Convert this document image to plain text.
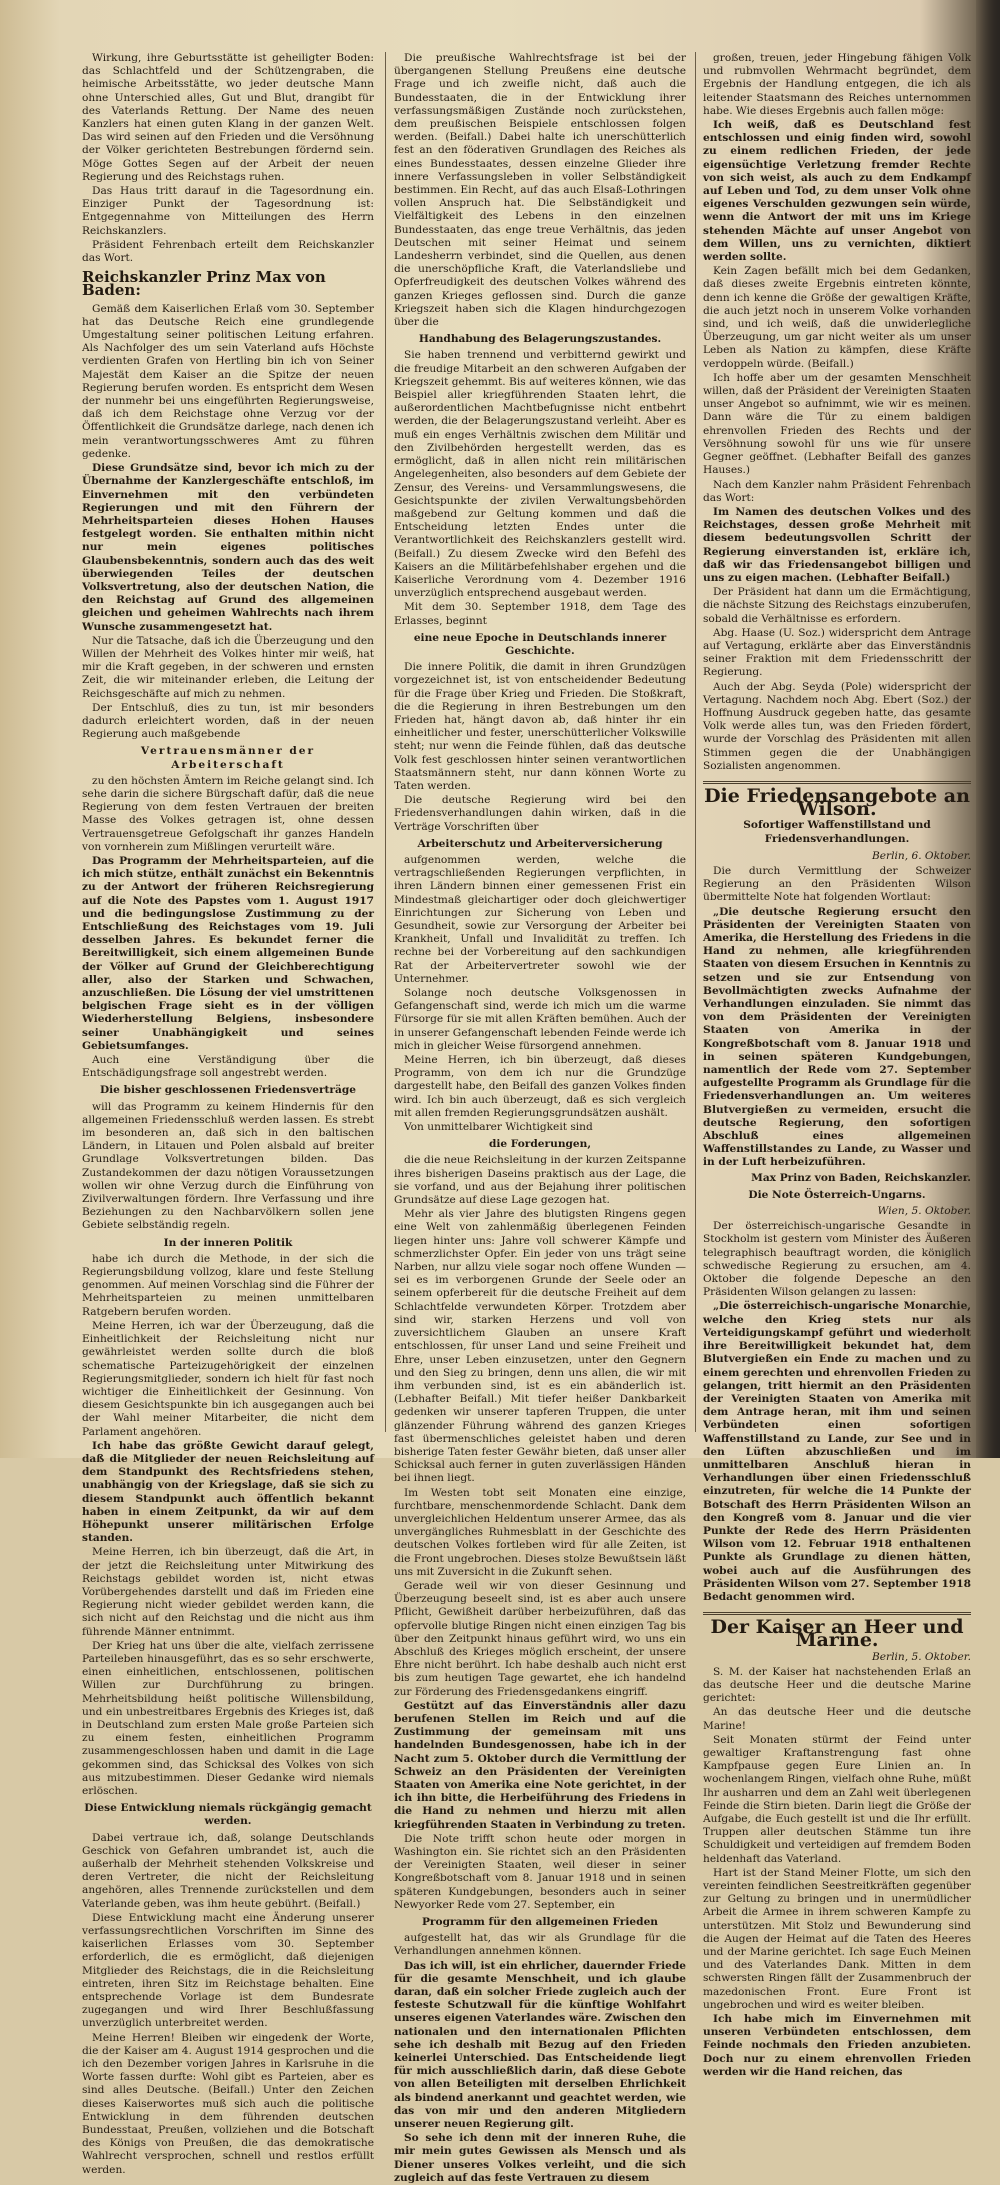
Wirkung, ihre Geburtsstätte ist geheiligter Boden: das Schlachtfeld und der Schützengraben, die heimische Arbeitsstätte, wo jeder deutsche Mann ohne Unterschied alles, Gut und Blut, drangibt für des Vaterlands Rettung. Der Name des neuen Kanzlers hat einen guten Klang in der ganzen Welt. Das wird seinen auf den Frieden und die Versöhnung der Völker gerichteten Bestrebungen fördernd sein. Möge Gottes Segen auf der Arbeit der neuen Regierung und des Reichstags ruhen.

Das Haus tritt darauf in die Tagesordnung ein. Einziger Punkt der Tagesordnung ist: Entgegennahme von Mitteilungen des Herrn Reichskanzlers.

Präsident Fehrenbach erteilt dem Reichskanzler das Wort.

Reichskanzler Prinz Max von Baden:

Gemäß dem Kaiserlichen Erlaß vom 30. September hat das Deutsche Reich eine grundlegende Umgestaltung seiner politischen Leitung erfahren. Als Nachfolger des um sein Vaterland aufs Höchste verdienten Grafen von Hertling bin ich von Seiner Majestät dem Kaiser an die Spitze der neuen Regierung berufen worden. Es entspricht dem Wesen der nunmehr bei uns eingeführten Regierungsweise, daß ich dem Reichstage ohne Verzug vor der Öffentlichkeit die Grundsätze darlege, nach denen ich mein verantwortungsschweres Amt zu führen gedenke.

Diese Grundsätze sind, bevor ich mich zu der Übernahme der Kanzlergeschäfte entschloß, im Einvernehmen mit den verbündeten Regierungen und mit den Führern der Mehrheitsparteien dieses Hohen Hauses festgelegt worden. Sie enthalten mithin nicht nur mein eigenes politisches Glaubensbekenntnis, sondern auch das des weit überwiegenden Teiles der deutschen Volksvertretung, also der deutschen Nation, die den Reichstag auf Grund des allgemeinen gleichen und geheimen Wahlrechts nach ihrem Wunsche zusammengesetzt hat.

Nur die Tatsache, daß ich die Überzeugung und den Willen der Mehrheit des Volkes hinter mir weiß, hat mir die Kraft gegeben, in der schweren und ernsten Zeit, die wir miteinander erleben, die Leitung der Reichsgeschäfte auf mich zu nehmen.

Der Entschluß, dies zu tun, ist mir besonders dadurch erleichtert worden, daß in der neuen Regierung auch maßgebende

Vertrauensmänner der Arbeiterschaft

zu den höchsten Ämtern im Reiche gelangt sind. Ich sehe darin die sichere Bürgschaft dafür, daß die neue Regierung von dem festen Vertrauen der breiten Masse des Volkes getragen ist, ohne dessen Vertrauensgetreue Gefolgschaft ihr ganzes Handeln von vornherein zum Mißlingen verurteilt wäre.

Das Programm der Mehrheitsparteien, auf die ich mich stütze, enthält zunächst ein Bekenntnis zu der Antwort der früheren Reichsregierung auf die Note des Papstes vom 1. August 1917 und die bedingungslose Zustimmung zu der Entschließung des Reichstages vom 19. Juli desselben Jahres. Es bekundet ferner die Bereitwilligkeit, sich einem allgemeinen Bunde der Völker auf Grund der Gleichberechtigung aller, also der Starken und Schwachen, anzuschließen. Die Lösung der viel umstrittenen belgischen Frage sieht es in der völligen Wiederherstellung Belgiens, insbesondere seiner Unabhängigkeit und seines Gebietsumfanges.

Auch eine Verständigung über die Entschädigungsfrage soll angestrebt werden.

Die bisher geschlossenen Friedensverträge

will das Programm zu keinem Hindernis für den allgemeinen Friedensschluß werden lassen. Es strebt im besonderen an, daß sich in den baltischen Ländern, in Litauen und Polen alsbald auf breiter Grundlage Volksvertretungen bilden. Das Zustandekommen der dazu nötigen Voraussetzungen wollen wir ohne Verzug durch die Einführung von Zivilverwaltungen fördern. Ihre Verfassung und ihre Beziehungen zu den Nachbarvölkern sollen jene Gebiete selbständig regeln.

In der inneren Politik

habe ich durch die Methode, in der sich die Regierungsbildung vollzog, klare und feste Stellung genommen. Auf meinen Vorschlag sind die Führer der Mehrheitsparteien zu meinen unmittelbaren Ratgebern berufen worden.

Meine Herren, ich war der Überzeugung, daß die Einheitlichkeit der Reichsleitung nicht nur gewährleistet werden sollte durch die bloß schematische Parteizugehörigkeit der einzelnen Regierungsmitglieder, sondern ich hielt für fast noch wichtiger die Einheitlichkeit der Gesinnung. Von diesem Gesichtspunkte bin ich ausgegangen auch bei der Wahl meiner Mitarbeiter, die nicht dem Parlament angehören.

Ich habe das größte Gewicht darauf gelegt, daß die Mitglieder der neuen Reichsleitung auf dem Standpunkt des Rechtsfriedens stehen, unabhängig von der Kriegslage, daß sie sich zu diesem Standpunkt auch öffentlich bekannt haben in einem Zeitpunkt, da wir auf dem Höhepunkt unserer militärischen Erfolge standen.

Meine Herren, ich bin überzeugt, daß die Art, in der jetzt die Reichsleitung unter Mitwirkung des Reichstags gebildet worden ist, nicht etwas Vorübergehendes darstellt und daß im Frieden eine Regierung nicht wieder gebildet werden kann, die sich nicht auf den Reichstag und die nicht aus ihm führende Männer entnimmt.

Der Krieg hat uns über die alte, vielfach zerrissene Parteileben hinausgeführt, das es so sehr erschwerte, einen einheitlichen, entschlossenen, politischen Willen zur Durchführung zu bringen. Mehrheitsbildung heißt politische Willensbildung, und ein unbestreitbares Ergebnis des Krieges ist, daß in Deutschland zum ersten Male große Parteien sich zu einem festen, einheitlichen Programm zusammengeschlossen haben und damit in die Lage gekommen sind, das Schicksal des Volkes von sich aus mitzubestimmen. Dieser Gedanke wird niemals erlöschen.

Diese Entwicklung niemals rückgängig gemacht werden.

Dabei vertraue ich, daß, solange Deutschlands Geschick von Gefahren umbrandet ist, auch die außerhalb der Mehrheit stehenden Volkskreise und deren Vertreter, die nicht der Reichsleitung angehören, alles Trennende zurückstellen und dem Vaterlande geben, was ihm heute gebührt. (Beifall.)

Diese Entwicklung macht eine Änderung unserer verfassungsrechtlichen Vorschriften im Sinne des kaiserlichen Erlasses vom 30. September erforderlich, die es ermöglicht, daß diejenigen Mitglieder des Reichstags, die in die Reichsleitung eintreten, ihren Sitz im Reichstage behalten. Eine entsprechende Vorlage ist dem Bundesrate zugegangen und wird Ihrer Beschlußfassung unverzüglich unterbreitet werden.

Meine Herren! Bleiben wir eingedenk der Worte, die der Kaiser am 4. August 1914 gesprochen und die ich den Dezember vorigen Jahres in Karlsruhe in die Worte fassen durfte: Wohl gibt es Parteien, aber es sind alles Deutsche. (Beifall.) Unter den Zeichen dieses Kaiserwortes muß sich auch die politische Entwicklung in dem führenden deutschen Bundesstaat, Preußen, vollziehen und die Botschaft des Königs von Preußen, die das demokratische Wahlrecht versprochen, schnell und restlos erfüllt werden.

Die preußische Wahlrechtsfrage ist bei der übergangenen Stellung Preußens eine deutsche Frage und ich zweifle nicht, daß auch die Bundesstaaten, die in der Entwicklung ihrer verfassungsmäßigen Zustände noch zurückstehen, dem preußischen Beispiele entschlossen folgen werden. (Beifall.) Dabei halte ich unerschütterlich fest an den föderativen Grundlagen des Reiches als eines Bundesstaates, dessen einzelne Glieder ihre innere Verfassungsleben in voller Selbständigkeit bestimmen. Ein Recht, auf das auch Elsaß-Lothringen vollen Anspruch hat. Die Selbständigkeit und Vielfältigkeit des Lebens in den einzelnen Bundesstaaten, das enge treue Verhältnis, das jeden Deutschen mit seiner Heimat und seinem Landesherrn verbindet, sind die Quellen, aus denen die unerschöpfliche Kraft, die Vaterlandsliebe und Opferfreudigkeit des deutschen Volkes während des ganzen Krieges geflossen sind. Durch die ganze Kriegszeit haben sich die Klagen hindurchgezogen über die

Handhabung des Belagerungszustandes.

Sie haben trennend und verbitternd gewirkt und die freudige Mitarbeit an den schweren Aufgaben der Kriegszeit gehemmt. Bis auf weiteres können, wie das Beispiel aller kriegführenden Staaten lehrt, die außerordentlichen Machtbefugnisse nicht entbehrt werden, die der Belagerungszustand verleiht. Aber es muß ein enges Verhältnis zwischen dem Militär und den Zivilbehörden hergestellt werden, das es ermöglicht, daß in allen nicht rein militärischen Angelegenheiten, also besonders auf dem Gebiete der Zensur, des Vereins- und Versammlungswesens, die Gesichtspunkte der zivilen Verwaltungsbehörden maßgebend zur Geltung kommen und daß die Entscheidung letzten Endes unter die Verantwortlichkeit des Reichskanzlers gestellt wird. (Beifall.) Zu diesem Zwecke wird den Befehl des Kaisers an die Militärbefehlshaber ergehen und die Kaiserliche Verordnung vom 4. Dezember 1916 unverzüglich entsprechend ausgebaut werden.

Mit dem 30. September 1918, dem Tage des Erlasses, beginnt

eine neue Epoche in Deutschlands innerer Geschichte.

Die innere Politik, die damit in ihren Grundzügen vorgezeichnet ist, ist von entscheidender Bedeutung für die Frage über Krieg und Frieden. Die Stoßkraft, die die Regierung in ihren Bestrebungen um den Frieden hat, hängt davon ab, daß hinter ihr ein einheitlicher und fester, unerschütterlicher Volkswille steht; nur wenn die Feinde fühlen, daß das deutsche Volk fest geschlossen hinter seinen verantwortlichen Staatsmännern steht, nur dann können Worte zu Taten werden.

Die deutsche Regierung wird bei den Friedensverhandlungen dahin wirken, daß in die Verträge Vorschriften über

Arbeiterschutz und Arbeiterversicherung

aufgenommen werden, welche die vertragschließenden Regierungen verpflichten, in ihren Ländern binnen einer gemessenen Frist ein Mindestmaß gleichartiger oder doch gleichwertiger Einrichtungen zur Sicherung von Leben und Gesundheit, sowie zur Versorgung der Arbeiter bei Krankheit, Unfall und Invalidität zu treffen. Ich rechne bei der Vorbereitung auf den sachkundigen Rat der Arbeitervertreter sowohl wie der Unternehmer.

Solange noch deutsche Volksgenossen in Gefangenschaft sind, werde ich mich um die warme Fürsorge für sie mit allen Kräften bemühen. Auch der in unserer Gefangenschaft lebenden Feinde werde ich mich in gleicher Weise fürsorgend annehmen.

Meine Herren, ich bin überzeugt, daß dieses Programm, von dem ich nur die Grundzüge dargestellt habe, den Beifall des ganzen Volkes finden wird. Ich bin auch überzeugt, daß es sich vergleich mit allen fremden Regierungsgrundsätzen aushält.

Von unmittelbarer Wichtigkeit sind

die Forderungen,

die die neue Reichsleitung in der kurzen Zeitspanne ihres bisherigen Daseins praktisch aus der Lage, die sie vorfand, und aus der Bejahung ihrer politischen Grundsätze auf diese Lage gezogen hat.

Mehr als vier Jahre des blutigsten Ringens gegen eine Welt von zahlenmäßig überlegenen Feinden liegen hinter uns: Jahre voll schwerer Kämpfe und schmerzlichster Opfer. Ein jeder von uns trägt seine Narben, nur allzu viele sogar noch offene Wunden — sei es im verborgenen Grunde der Seele oder an seinem opferbereit für die deutsche Freiheit auf dem Schlachtfelde verwundeten Körper. Trotzdem aber sind wir, starken Herzens und voll von zuversichtlichem Glauben an unsere Kraft entschlossen, für unser Land und seine Freiheit und Ehre, unser Leben einzusetzen, unter den Gegnern und den Sieg zu bringen, denn uns allen, die wir mit ihm verbunden sind, ist es ein abänderlich ist. (Lebhafter Beifall.) Mit tiefer heißer Dankbarkeit gedenken wir unserer tapferen Truppen, die unter glänzender Führung während des ganzen Krieges fast übermenschliches geleistet haben und deren bisherige Taten fester Gewähr bieten, daß unser aller Schicksal auch ferner in guten zuverlässigen Händen bei ihnen liegt.

Im Westen tobt seit Monaten eine einzige, furchtbare, menschenmordende Schlacht. Dank dem unvergleichlichen Heldentum unserer Armee, das als unvergängliches Ruhmesblatt in der Geschichte des deutschen Volkes fortleben wird für alle Zeiten, ist die Front ungebrochen. Dieses stolze Bewußtsein läßt uns mit Zuversicht in die Zukunft sehen.

Gerade weil wir von dieser Gesinnung und Überzeugung beseelt sind, ist es aber auch unsere Pflicht, Gewißheit darüber herbeizuführen, daß das opfervolle blutige Ringen nicht einen einzigen Tag bis über den Zeitpunkt hinaus geführt wird, wo uns ein Abschluß des Krieges möglich erscheint, der unsere Ehre nicht berührt. Ich habe deshalb auch nicht erst bis zum heutigen Tage gewartet, ehe ich handelnd zur Förderung des Friedensgedankens eingriff.

Gestützt auf das Einverständnis aller dazu berufenen Stellen im Reich und auf die Zustimmung der gemeinsam mit uns handelnden Bundesgenossen, habe ich in der Nacht zum 5. Oktober durch die Vermittlung der Schweiz an den Präsidenten der Vereinigten Staaten von Amerika eine Note gerichtet, in der ich ihn bitte, die Herbeiführung des Friedens in die Hand zu nehmen und hierzu mit allen kriegführenden Staaten in Verbindung zu treten.

Die Note trifft schon heute oder morgen in Washington ein. Sie richtet sich an den Präsidenten der Vereinigten Staaten, weil dieser in seiner Kongreßbotschaft vom 8. Januar 1918 und in seinen späteren Kundgebungen, besonders auch in seiner Newyorker Rede vom 27. September, ein

Programm für den allgemeinen Frieden

aufgestellt hat, das wir als Grundlage für die Verhandlungen annehmen können.

Das ich will, ist ein ehrlicher, dauernder Friede für die gesamte Menschheit, und ich glaube daran, daß ein solcher Friede zugleich auch der festeste Schutzwall für die künftige Wohlfahrt unseres eigenen Vaterlandes wäre. Zwischen den nationalen und den internationalen Pflichten sehe ich deshalb mit Bezug auf den Frieden keinerlei Unterschied. Das Entscheidende liegt für mich ausschließlich darin, daß diese Gebote von allen Beteiligten mit derselben Ehrlichkeit als bindend anerkannt und geachtet werden, wie das von mir und den anderen Mitgliedern unserer neuen Regierung gilt.

So sehe ich denn mit der inneren Ruhe, die mir mein gutes Gewissen als Mensch und als Diener unseres Volkes verleiht, und die sich zugleich auf das feste Vertrauen zu diesem

großen, treuen, jeder Hingebung fähigen Volk und rubmvollen Wehrmacht begründet, dem Ergebnis der Handlung entgegen, die ich als leitender Staatsmann des Reiches unternommen habe. Wie dieses Ergebnis auch fallen möge:

Ich weiß, daß es Deutschland fest entschlossen und einig finden wird, sowohl zu einem redlichen Frieden, der jede eigensüchtige Verletzung fremder Rechte von sich weist, als auch zu dem Endkampf auf Leben und Tod, zu dem unser Volk ohne eigenes Verschulden gezwungen sein würde, wenn die Antwort der mit uns im Kriege stehenden Mächte auf unser Angebot von dem Willen, uns zu vernichten, diktiert werden sollte.

Kein Zagen befällt mich bei dem Gedanken, daß dieses zweite Ergebnis eintreten könnte, denn ich kenne die Größe der gewaltigen Kräfte, die auch jetzt noch in unserem Volke vorhanden sind, und ich weiß, daß die unwiderlegliche Überzeugung, um gar nicht weiter als um unser Leben als Nation zu kämpfen, diese Kräfte verdoppeln würde. (Beifall.)

Ich hoffe aber um der gesamten Menschheit willen, daß der Präsident der Vereinigten Staaten unser Angebot so aufnimmt, wie wir es meinen. Dann wäre die Tür zu einem baldigen ehrenvollen Frieden des Rechts und der Versöhnung sowohl für uns wie für unsere Gegner geöffnet. (Lebhafter Beifall des ganzes Hauses.)

Nach dem Kanzler nahm Präsident Fehrenbach das Wort:

Im Namen des deutschen Volkes und des Reichstages, dessen große Mehrheit mit diesem bedeutungsvollen Schritt der Regierung einverstanden ist, erkläre ich, daß wir das Friedensangebot billigen und uns zu eigen machen. (Lebhafter Beifall.)

Der Präsident hat dann um die Ermächtigung, die nächste Sitzung des Reichstags einzuberufen, sobald die Verhältnisse es erfordern.

Abg. Haase (U. Soz.) widerspricht dem Antrage auf Vertagung, erklärte aber das Einverständnis seiner Fraktion mit dem Friedensschritt der Regierung.

Auch der Abg. Seyda (Pole) widerspricht der Vertagung. Nachdem noch Abg. Ebert (Soz.) der Hoffnung Ausdruck gegeben hatte, das gesamte Volk werde alles tun, was den Frieden fördert, wurde der Vorschlag des Präsidenten mit allen Stimmen gegen die der Unabhängigen Sozialisten angenommen.

Die Friedensangebote an Wilson.
Sofortiger Waffenstillstand und Friedensverhandlungen.
Berlin, 6. Oktober.

Die durch Vermittlung der Schweizer Regierung an den Präsidenten Wilson übermittelte Note hat folgenden Wortlaut:

„Die deutsche Regierung ersucht den Präsidenten der Vereinigten Staaten von Amerika, die Herstellung des Friedens in die Hand zu nehmen, alle kriegführenden Staaten von diesem Ersuchen in Kenntnis zu setzen und sie zur Entsendung von Bevollmächtigten zwecks Aufnahme der Verhandlungen einzuladen. Sie nimmt das von dem Präsidenten der Vereinigten Staaten von Amerika in der Kongreßbotschaft vom 8. Januar 1918 und in seinen späteren Kundgebungen, namentlich der Rede vom 27. September aufgestellte Programm als Grundlage für die Friedensverhandlungen an. Um weiteres Blutvergießen zu vermeiden, ersucht die deutsche Regierung, den sofortigen Abschluß eines allgemeinen Waffenstillstandes zu Lande, zu Wasser und in der Luft herbeizuführen.

Max Prinz von Baden, Reichskanzler.
Die Note Österreich-Ungarns.
Wien, 5. Oktober.

Der österreichisch-ungarische Gesandte in Stockholm ist gestern vom Minister des Äußeren telegraphisch beauftragt worden, die königlich schwedische Regierung zu ersuchen, am 4. Oktober die folgende Depesche an den Präsidenten Wilson gelangen zu lassen:

„Die österreichisch-ungarische Monarchie, welche den Krieg stets nur als Verteidigungskampf geführt und wiederholt ihre Bereitwilligkeit bekundet hat, dem Blutvergießen ein Ende zu machen und zu einem gerechten und ehrenvollen Frieden zu gelangen, tritt hiermit an den Präsidenten der Vereinigten Staaten von Amerika mit dem Antrage heran, mit ihm und seinen Verbündeten einen sofortigen Waffenstillstand zu Lande, zur See und in den Lüften abzuschließen und im unmittelbaren Anschluß hieran in Verhandlungen über einen Friedensschluß einzutreten, für welche die 14 Punkte der Botschaft des Herrn Präsidenten Wilson an den Kongreß vom 8. Januar und die vier Punkte der Rede des Herrn Präsidenten Wilson vom 12. Februar 1918 enthaltenen Punkte als Grundlage zu dienen hätten, wobei auch auf die Ausführungen des Präsidenten Wilson vom 27. September 1918 Bedacht genommen wird.

Der Kaiser an Heer und Marine.
Berlin, 5. Oktober.

S. M. der Kaiser hat nachstehenden Erlaß an das deutsche Heer und die deutsche Marine gerichtet:

An das deutsche Heer und die deutsche Marine!

Seit Monaten stürmt der Feind unter gewaltiger Kraftanstrengung fast ohne Kampfpause gegen Eure Linien an. In wochenlangem Ringen, vielfach ohne Ruhe, müßt Ihr ausharren und dem an Zahl weit überlegenen Feinde die Stirn bieten. Darin liegt die Größe der Aufgabe, die Euch gestellt ist und die Ihr erfüllt. Truppen aller deutschen Stämme tun ihre Schuldigkeit und verteidigen auf fremdem Boden heldenhaft das Vaterland.

Hart ist der Stand Meiner Flotte, um sich den vereinten feindlichen Seestreitkräften gegenüber zur Geltung zu bringen und in unermüdlicher Arbeit die Armee in ihrem schweren Kampfe zu unterstützen. Mit Stolz und Bewunderung sind die Augen der Heimat auf die Taten des Heeres und der Marine gerichtet. Ich sage Euch Meinen und des Vaterlandes Dank. Mitten in dem schwersten Ringen fällt der Zusammenbruch der mazedonischen Front. Eure Front ist ungebrochen und wird es weiter bleiben.

Ich habe mich im Einvernehmen mit unseren Verbündeten entschlossen, dem Feinde nochmals den Frieden anzubieten. Doch nur zu einem ehrenvollen Frieden werden wir die Hand reichen, das
